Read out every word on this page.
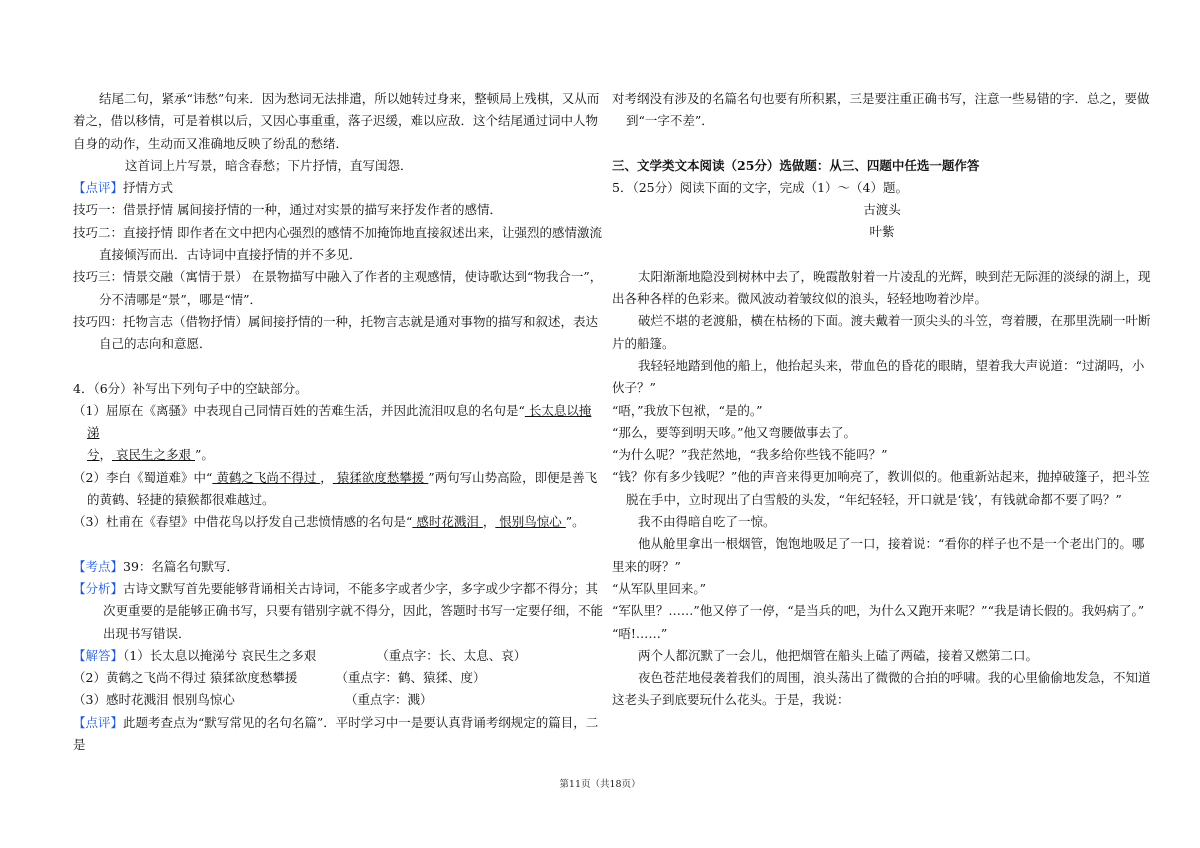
结尾二句，紧承“讳愁”句来．因为愁词无法排遣，所以她转过身来，整顿局上残棋，又从而着之，借以移情，可是着棋以后，又因心事重重，落子迟缓，难以应敌．这个结尾通过词中人物自身的动作，生动而又准确地反映了纷乱的愁绪．

这首词上片写景，暗含春愁；下片抒情，直写闺怨．

【点评】抒情方式

技巧一：借景抒情 属间接抒情的一种，通过对实景的描写来抒发作者的感情．

技巧二：直接抒情 即作者在文中把内心强烈的感情不加掩饰地直接叙述出来，让强烈的感情激流直接倾泻而出．古诗词中直接抒情的并不多见．

技巧三：情景交融（寓情于景） 在景物描写中融入了作者的主观感情，使诗歌达到“物我合一”，分不清哪是“景”，哪是“情”．

技巧四：托物言志（借物抒情）属间接抒情的一种，托物言志就是通对事物的描写和叙述，表达自己的志向和意愿．

4．（6分）补写出下列句子中的空缺部分。

（1）屈原在《离骚》中表现自己同情百姓的苦难生活，并因此流泪叹息的名句是“ 长太息以掩涕
兮， 哀民生之多艰 ”。

（2）李白《蜀道难》中“ 黄鹤之飞尚不得过 ， 猿猱欲度愁攀援 ”两句写山势高险，即便是善飞的黄鹤、轻捷的猿猴都很难越过。

（3）杜甫在《春望》中借花鸟以抒发自己悲愤情感的名句是“ 感时花溅泪 ， 恨别鸟惊心 ”。

【考点】39：名篇名句默写．

【分析】古诗文默写首先要能够背诵相关古诗词，不能多字或者少字，多字或少字都不得分；其次更重要的是能够正确书写，只要有错别字就不得分，因此，答题时书写一定要仔细，不能出现书写错误．

【解答】（1）长太息以掩涕兮 哀民生之多艰	（重点字：长、太息、哀）

（2）黄鹤之飞尚不得过 猿猱欲度愁攀援	（重点字：鹤、猿猱、度）

（3）感时花溅泪 恨别鸟惊心	（重点字：溅）

【点评】此题考查点为“默写常见的名句名篇”．平时学习中一是要认真背诵考纲规定的篇目，二是

对考纲没有涉及的名篇名句也要有所积累，三是要注重正确书写，注意一些易错的字．总之，要做到“一字不差”．

三、文学类文本阅读（25分）选做题：从三、四题中任选一题作答

5．（25分）阅读下面的文字，完成（1）～（4）题。

古渡头

叶紫

太阳渐渐地隐没到树林中去了，晚霞散射着一片凌乱的光辉，映到茫无际涯的淡绿的湖上，现出各种各样的色彩来。微风波动着皱纹似的浪头，轻轻地吻着沙岸。

破烂不堪的老渡船，横在枯杨的下面。渡夫戴着一顶尖头的斗笠，弯着腰，在那里洗刷一叶断片的船篷。

我轻轻地踏到他的船上，他抬起头来，带血色的昏花的眼睛，望着我大声说道：“过湖吗，小伙子？”

“唔，”我放下包袱，“是的。”

“那么，要等到明天哆。”他又弯腰做事去了。

“为什么呢？”我茫然地，“我多给你些钱不能吗？”

“钱？你有多少钱呢？”他的声音来得更加响亮了，教训似的。他重新站起来，抛掉破篷子，把斗笠脱在手中，立时现出了白雪般的头发，“年纪轻轻，开口就是‘钱’，有钱就命都不要了吗？”

我不由得暗自吃了一惊。

他从舱里拿出一根烟管，饱饱地吸足了一口，接着说：“看你的样子也不是一个老出门的。哪里来的呀？”

“从军队里回来。”

“军队里？……”他又停了一停，“是当兵的吧，为什么又跑开来呢？”“我是请长假的。我妈病了。”

“唔!……”

两个人都沉默了一会儿，他把烟管在船头上磕了两磕，接着又燃第二口。

夜色苍茫地侵袭着我们的周围，浪头荡出了微微的合拍的呼啸。我的心里偷偷地发急，不知道这老头子到底要玩什么花头。于是，我说：

第11页（共18页）
